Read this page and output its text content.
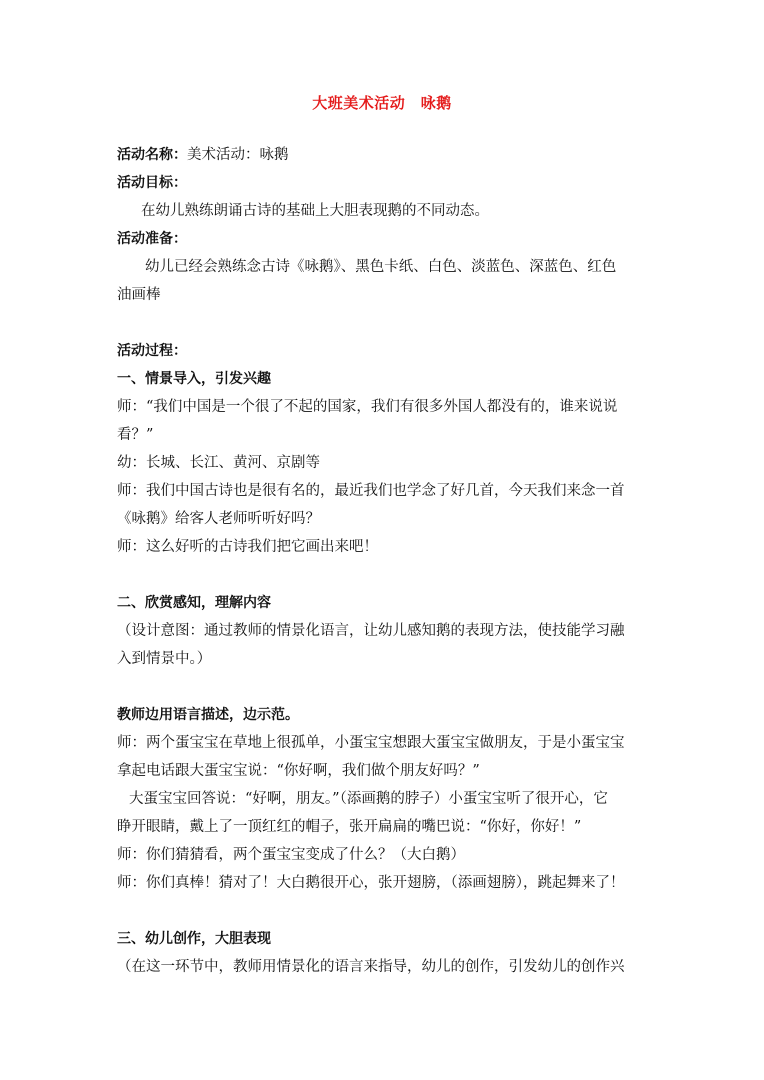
大班美术活动　咏鹅
活动名称：美术活动：咏鹅
活动目标：
在幼儿熟练朗诵古诗的基础上大胆表现鹅的不同动态。
活动准备：
幼儿已经会熟练念古诗《咏鹅》、黑色卡纸、白色、淡蓝色、深蓝色、红色
油画棒
活动过程：
一、情景导入，引发兴趣
师：“我们中国是一个很了不起的国家，我们有很多外国人都没有的，谁来说说
看？”
幼：长城、长江、黄河、京剧等
师：我们中国古诗也是很有名的，最近我们也学念了好几首，今天我们来念一首
《咏鹅》给客人老师听听好吗？
师：这么好听的古诗我们把它画出来吧！
二、欣赏感知，理解内容
（设计意图：通过教师的情景化语言，让幼儿感知鹅的表现方法，使技能学习融
入到情景中。）
教师边用语言描述，边示范。
师：两个蛋宝宝在草地上很孤单，小蛋宝宝想跟大蛋宝宝做朋友，于是小蛋宝宝
拿起电话跟大蛋宝宝说：“你好啊，我们做个朋友好吗？”
大蛋宝宝回答说：“好啊，朋友。”（添画鹅的脖子）小蛋宝宝听了很开心，它
睁开眼睛，戴上了一顶红红的帽子，张开扁扁的嘴巴说：“你好，你好！”
师：你们猜猜看，两个蛋宝宝变成了什么？（大白鹅）
师：你们真棒！猜对了！大白鹅很开心，张开翅膀，（添画翅膀），跳起舞来了！
三、幼儿创作，大胆表现
（在这一环节中，教师用情景化的语言来指导，幼儿的创作，引发幼儿的创作兴
